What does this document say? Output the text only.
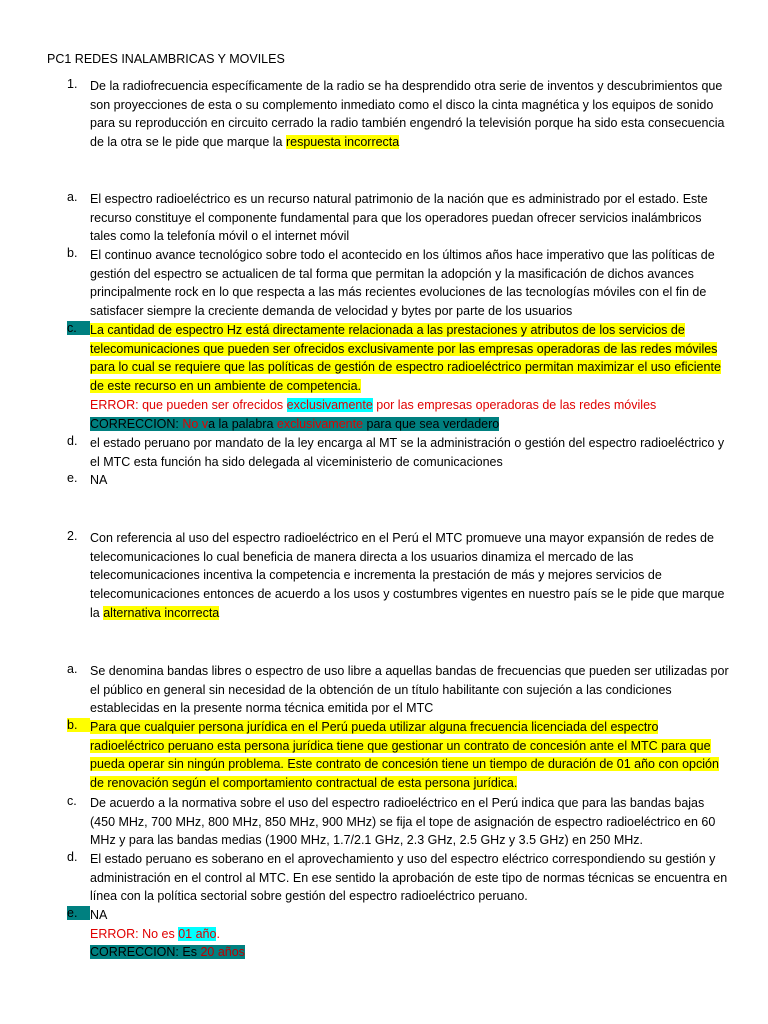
PC1 REDES INALAMBRICAS Y MOVILES
1. De la radiofrecuencia específicamente de la radio se ha desprendido otra serie de inventos y descubrimientos que son proyecciones de esta o su complemento inmediato como el disco la cinta magnética y los equipos de sonido para su reproducción en circuito cerrado la radio también engendró la televisión porque ha sido esta consecuencia de la otra se le pide que marque la respuesta incorrecta
a. El espectro radioeléctrico es un recurso natural patrimonio de la nación que es administrado por el estado. Este recurso constituye el componente fundamental para que los operadores puedan ofrecer servicios inalámbricos tales como la telefonía móvil o el internet móvil
b. El continuo avance tecnológico sobre todo el acontecido en los últimos años hace imperativo que las políticas de gestión del espectro se actualicen de tal forma que permitan la adopción y la masificación de dichos avances principalmente rock en lo que respecta a las más recientes evoluciones de las tecnologías móviles con el fin de satisfacer siempre la creciente demanda de velocidad y bytes por parte de los usuarios
c.	La cantidad de espectro Hz está directamente relacionada a las prestaciones y atributos de los servicios de telecomunicaciones que pueden ser ofrecidos exclusivamente por las empresas operadoras de las redes móviles para lo cual se requiere que las políticas de gestión de espectro radioeléctrico permitan maximizar el uso eficiente de este recurso en un ambiente de competencia.
ERROR: que pueden ser ofrecidos exclusivamente por las empresas operadoras de las redes móviles
CORRECCION: No va la palabra exclusivamente para que sea verdadero
d. el estado peruano por mandato de la ley encarga al MT se la administración o gestión del espectro radioeléctrico y el MTC esta función ha sido delegada al viceministerio de comunicaciones
e. NA
2. Con referencia al uso del espectro radioeléctrico en el Perú el MTC promueve una mayor expansión de redes de telecomunicaciones lo cual beneficia de manera directa a los usuarios dinamiza el mercado de las telecomunicaciones incentiva la competencia e incrementa la prestación de más y mejores servicios de telecomunicaciones entonces de acuerdo a los usos y costumbres vigentes en nuestro país se le pide que marque la alternativa incorrecta
a. Se denomina bandas libres o espectro de uso libre a aquellas bandas de frecuencias que pueden ser utilizadas por el público en general sin necesidad de la obtención de un título habilitante con sujeción a las condiciones establecidas en la presente norma técnica emitida por el MTC
b.	Para que cualquier persona jurídica en el Perú pueda utilizar alguna frecuencia licenciada del espectro radioeléctrico peruano esta persona jurídica tiene que gestionar un contrato de concesión ante el MTC para que pueda operar sin ningún problema. Este contrato de concesión tiene un tiempo de duración de 01 año con opción de renovación según el comportamiento contractual de esta persona jurídica.
c. De acuerdo a la normativa sobre el uso del espectro radioeléctrico en el Perú indica que para las bandas bajas (450 MHz, 700 MHz, 800 MHz, 850 MHz, 900 MHz) se fija el tope de asignación de espectro radioeléctrico en 60 MHz y para las bandas medias (1900 MHz, 1.7/2.1 GHz, 2.3 GHz, 2.5 GHz y 3.5 GHz) en 250 MHz.
d. El estado peruano es soberano en el aprovechamiento y uso del espectro eléctrico correspondiendo su gestión y administración en el control al MTC. En ese sentido la aprobación de este tipo de normas técnicas se encuentra en línea con la política sectorial sobre gestión del espectro radioeléctrico peruano.
e.	NA
ERROR: No es 01 año.
CORRECCION: Es 20 años
